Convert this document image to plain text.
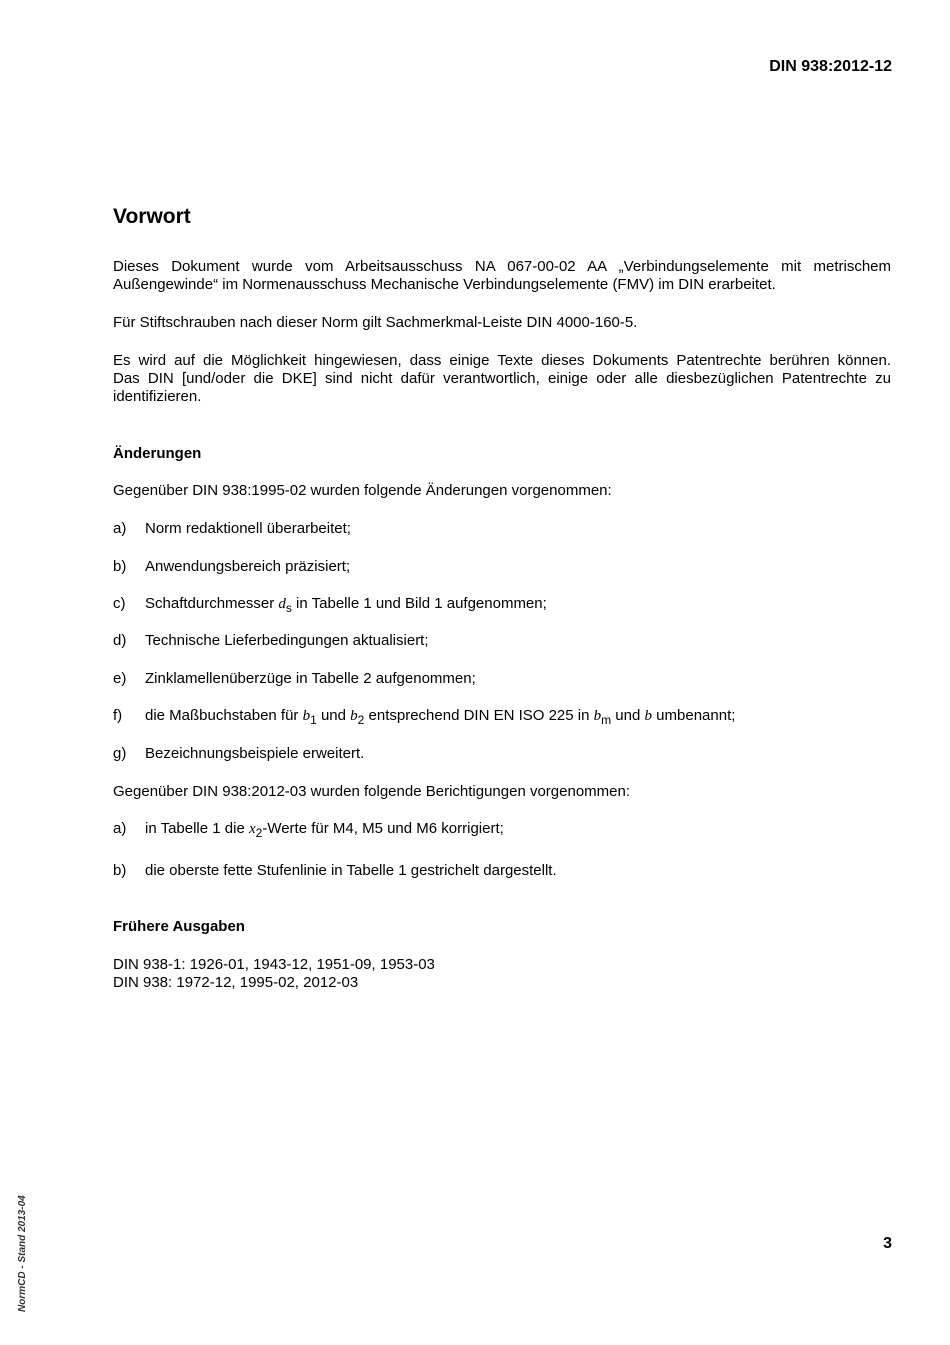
DIN 938:2012-12
Vorwort
Dieses Dokument wurde vom Arbeitsausschuss NA 067-00-02 AA „Verbindungselemente mit metrischem
Außengewinde“ im Normenausschuss Mechanische Verbindungselemente (FMV) im DIN erarbeitet.
Für Stiftschrauben nach dieser Norm gilt Sachmerkmal-Leiste DIN 4000-160-5.
Es wird auf die Möglichkeit hingewiesen, dass einige Texte dieses Dokuments Patentrechte berühren können.
Das DIN [und/oder die DKE] sind nicht dafür verantwortlich, einige oder alle diesbezüglichen Patentrechte zu
identifizieren.
Änderungen
Gegenüber DIN 938:1995-02 wurden folgende Änderungen vorgenommen:
a) Norm redaktionell überarbeitet;
b) Anwendungsbereich präzisiert;
c) Schaftdurchmesser $d_s$ in Tabelle 1 und Bild 1 aufgenommen;
d) Technische Lieferbedingungen aktualisiert;
e) Zinklamellenüberzüge in Tabelle 2 aufgenommen;
f) die Maßbuchstaben für $b_1$ und $b_2$ entsprechend DIN EN ISO 225 in $b_m$ und b umbenannt;
g) Bezeichnungsbeispiele erweitert.
Gegenüber DIN 938:2012-03 wurden folgende Berichtigungen vorgenommen:
a) in Tabelle 1 die $x_2$-Werte für M4, M5 und M6 korrigiert;
b) die oberste fette Stufenlinie in Tabelle 1 gestrichelt dargestellt.
Frühere Ausgaben
DIN 938-1: 1926-01, 1943-12, 1951-09, 1953-03
DIN 938: 1972-12, 1995-02, 2012-03
3
NormCD - Stand 2013-04
